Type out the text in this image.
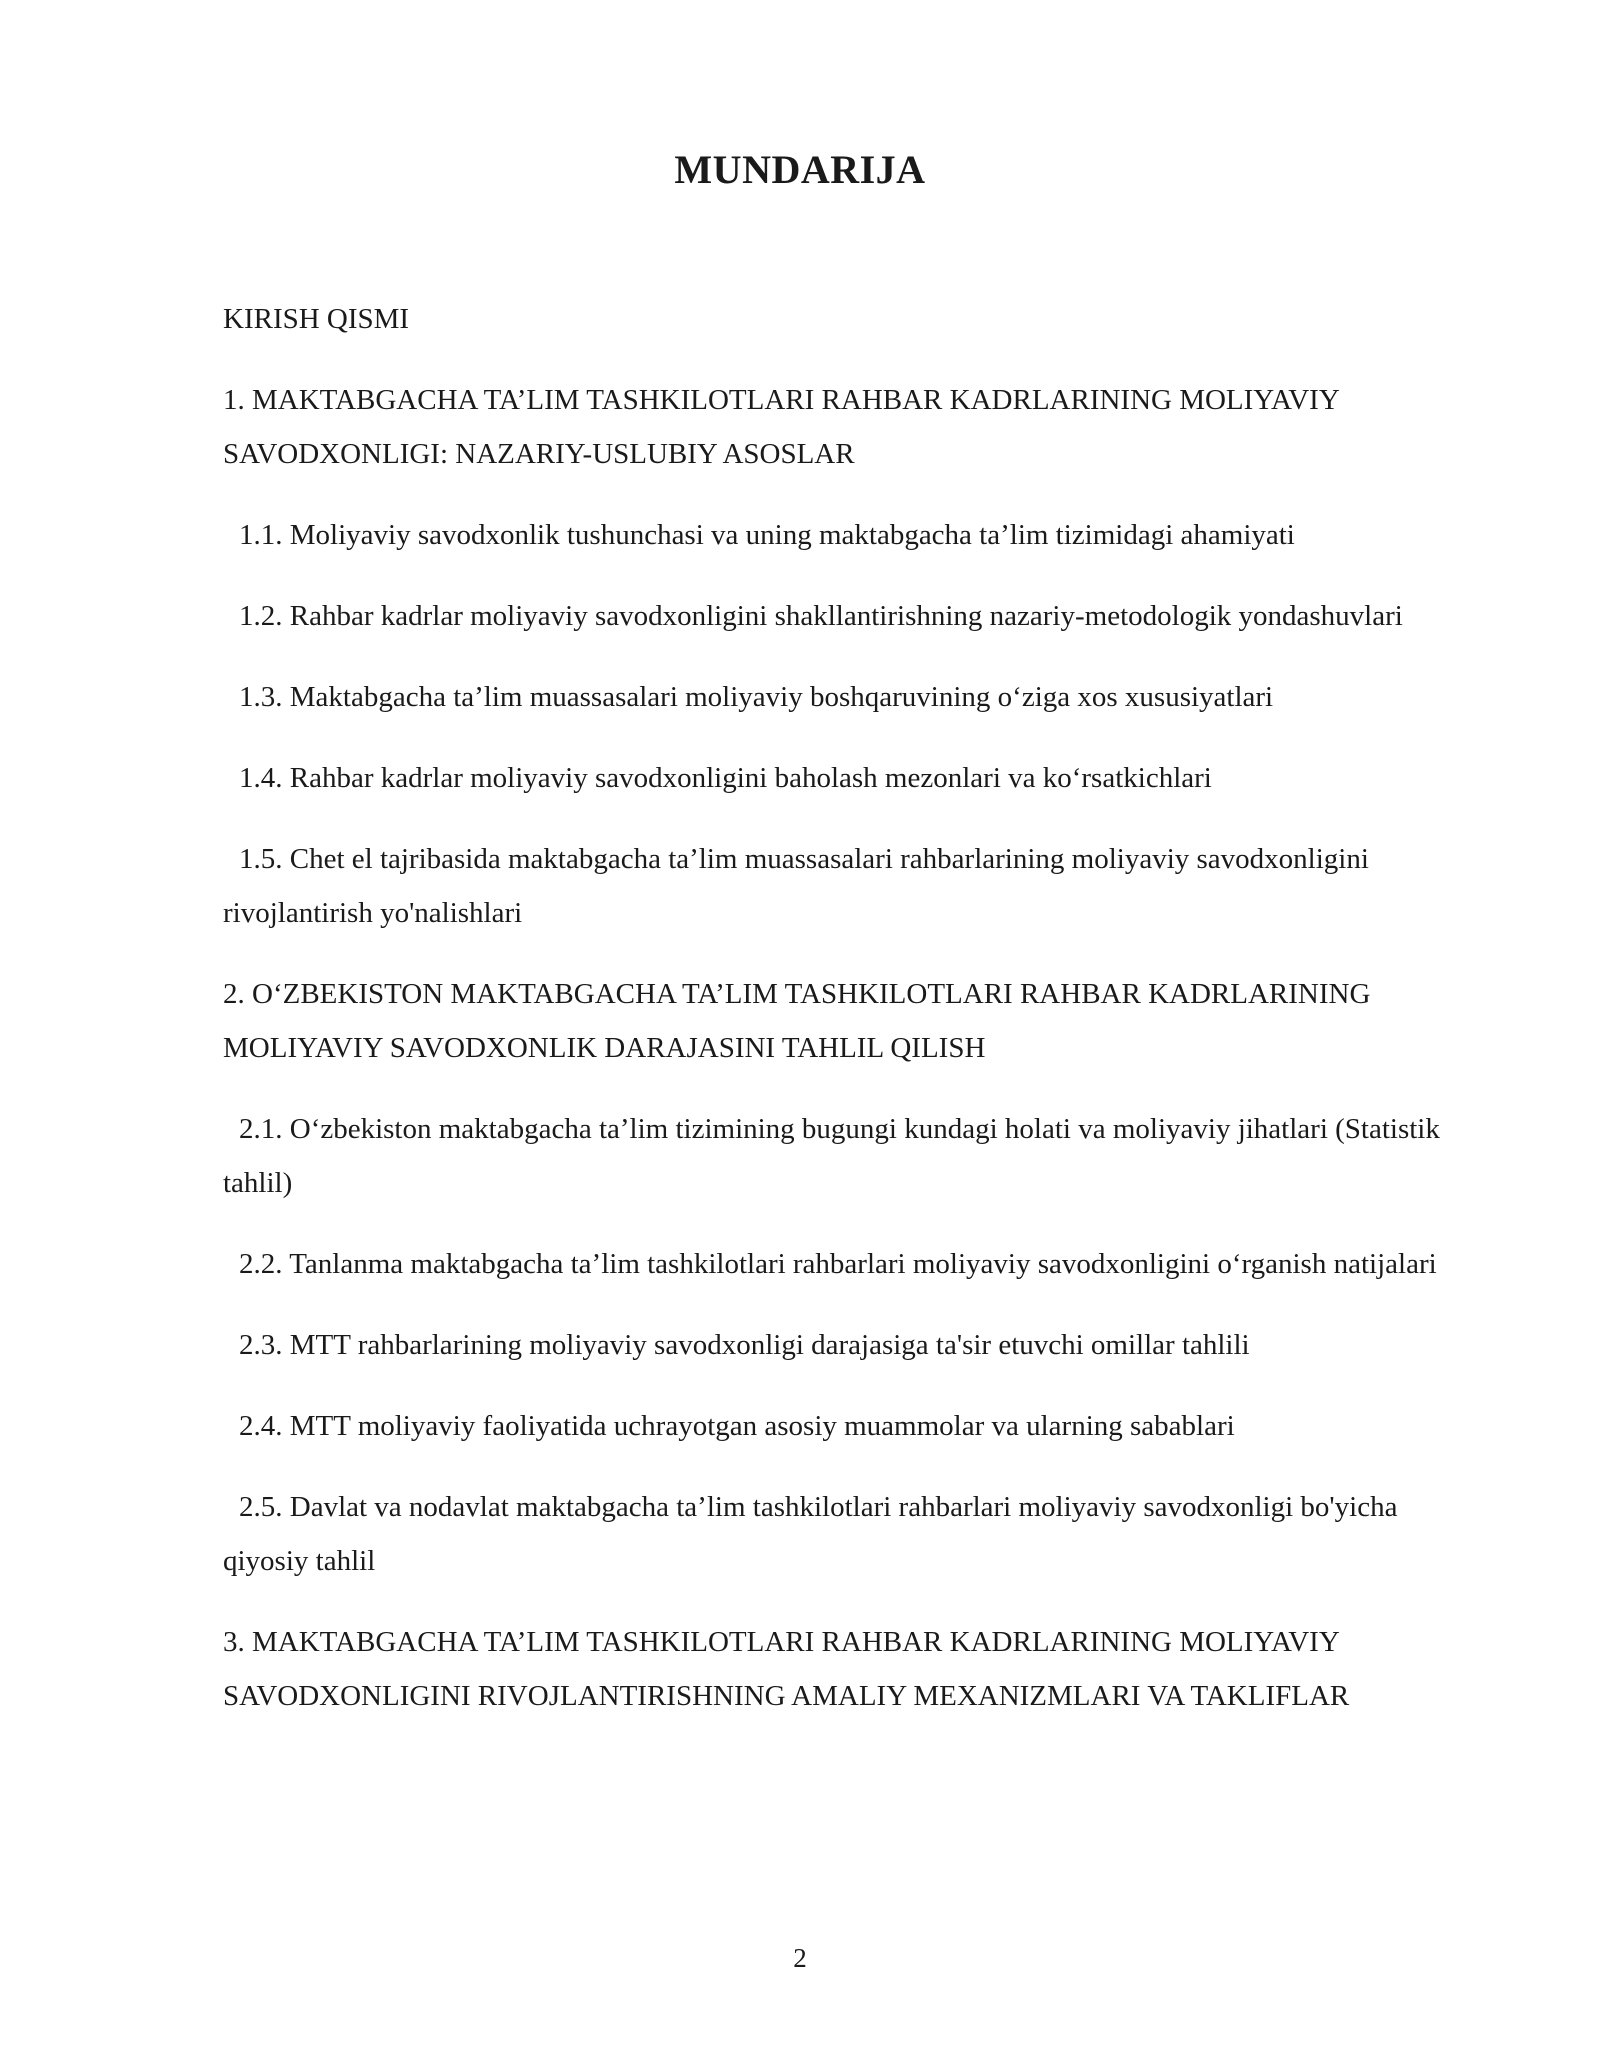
MUNDARIJA
KIRISH QISMI
1. MAKTABGACHA TA’LIM TASHKILOTLARI RAHBAR KADRLARINING MOLIYAVIY SAVODXONLIGI: NAZARIY-USLUBIY ASOSLAR
1.1. Moliyaviy savodxonlik tushunchasi va uning maktabgacha ta’lim tizimidagi ahamiyati
1.2. Rahbar kadrlar moliyaviy savodxonligini shakllantirishning nazariy-metodologik yondashuvlari
1.3. Maktabgacha ta’lim muassasalari moliyaviy boshqaruvining o‘ziga xos xususiyatlari
1.4. Rahbar kadrlar moliyaviy savodxonligini baholash mezonlari va ko‘rsatkichlari
1.5. Chet el tajribasida maktabgacha ta’lim muassasalari rahbarlarining moliyaviy savodxonligini rivojlantirish yo'nalishlari
2. O‘ZBEKISTON MAKTABGACHA TA’LIM TASHKILOTLARI RAHBAR KADRLARINING MOLIYAVIY SAVODXONLIK DARAJASINI TAHLIL QILISH
2.1. O‘zbekiston maktabgacha ta’lim tizimining bugungi kundagi holati va moliyaviy jihatlari (Statistik tahlil)
2.2. Tanlanma maktabgacha ta’lim tashkilotlari rahbarlari moliyaviy savodxonligini o‘rganish natijalari
2.3. MTT rahbarlarining moliyaviy savodxonligi darajasiga ta'sir etuvchi omillar tahlili
2.4. MTT moliyaviy faoliyatida uchrayotgan asosiy muammolar va ularning sabablari
2.5. Davlat va nodavlat maktabgacha ta’lim tashkilotlari rahbarlari moliyaviy savodxonligi bo'yicha qiyosiy tahlil
3. MAKTABGACHA TA’LIM TASHKILOTLARI RAHBAR KADRLARINING MOLIYAVIY SAVODXONLIGINI RIVOJLANTIRISHNING AMALIY MEXANIZMLARI VA TAKLIFLAR
2
